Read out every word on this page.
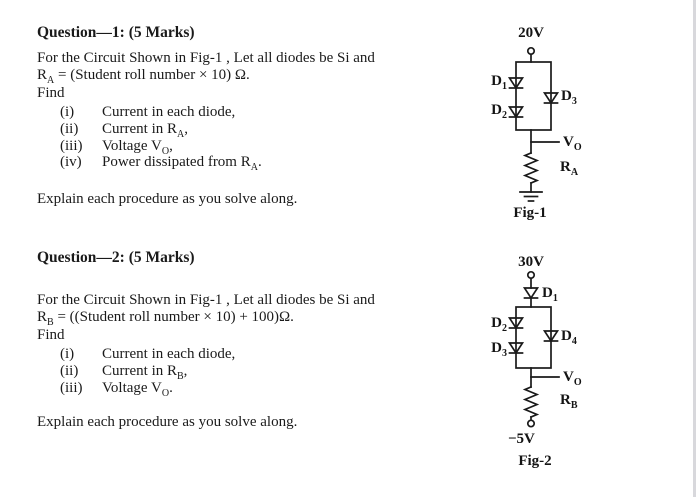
Question—1: (5 Marks)
For the Circuit Shown in Fig-1 , Let all diodes be Si and
$R_A$ = (Student roll number × 10) Ω.
Find
(i) Current in each diode,
(ii) Current in $R_A$,
(iii) Voltage $V_O$,
(iv) Power dissipated from $R_A$.
Explain each procedure as you solve along.
Question—2: (5 Marks)
For the Circuit Shown in Fig-1 , Let all diodes be Si and
$R_B$ = ((Student roll number × 10) + 100)Ω.
Find
(i) Current in each diode,
(ii) Current in $R_B$,
(iii) Voltage $V_O$.
Explain each procedure as you solve along.
20V
$D_1$
$D_2$
$D_3$
$V_O$
$R_A$
Fig-1
30V
$D_1$
$D_2$
$D_3$
$D_4$
$V_O$
$R_B$
−5V
Fig-2
